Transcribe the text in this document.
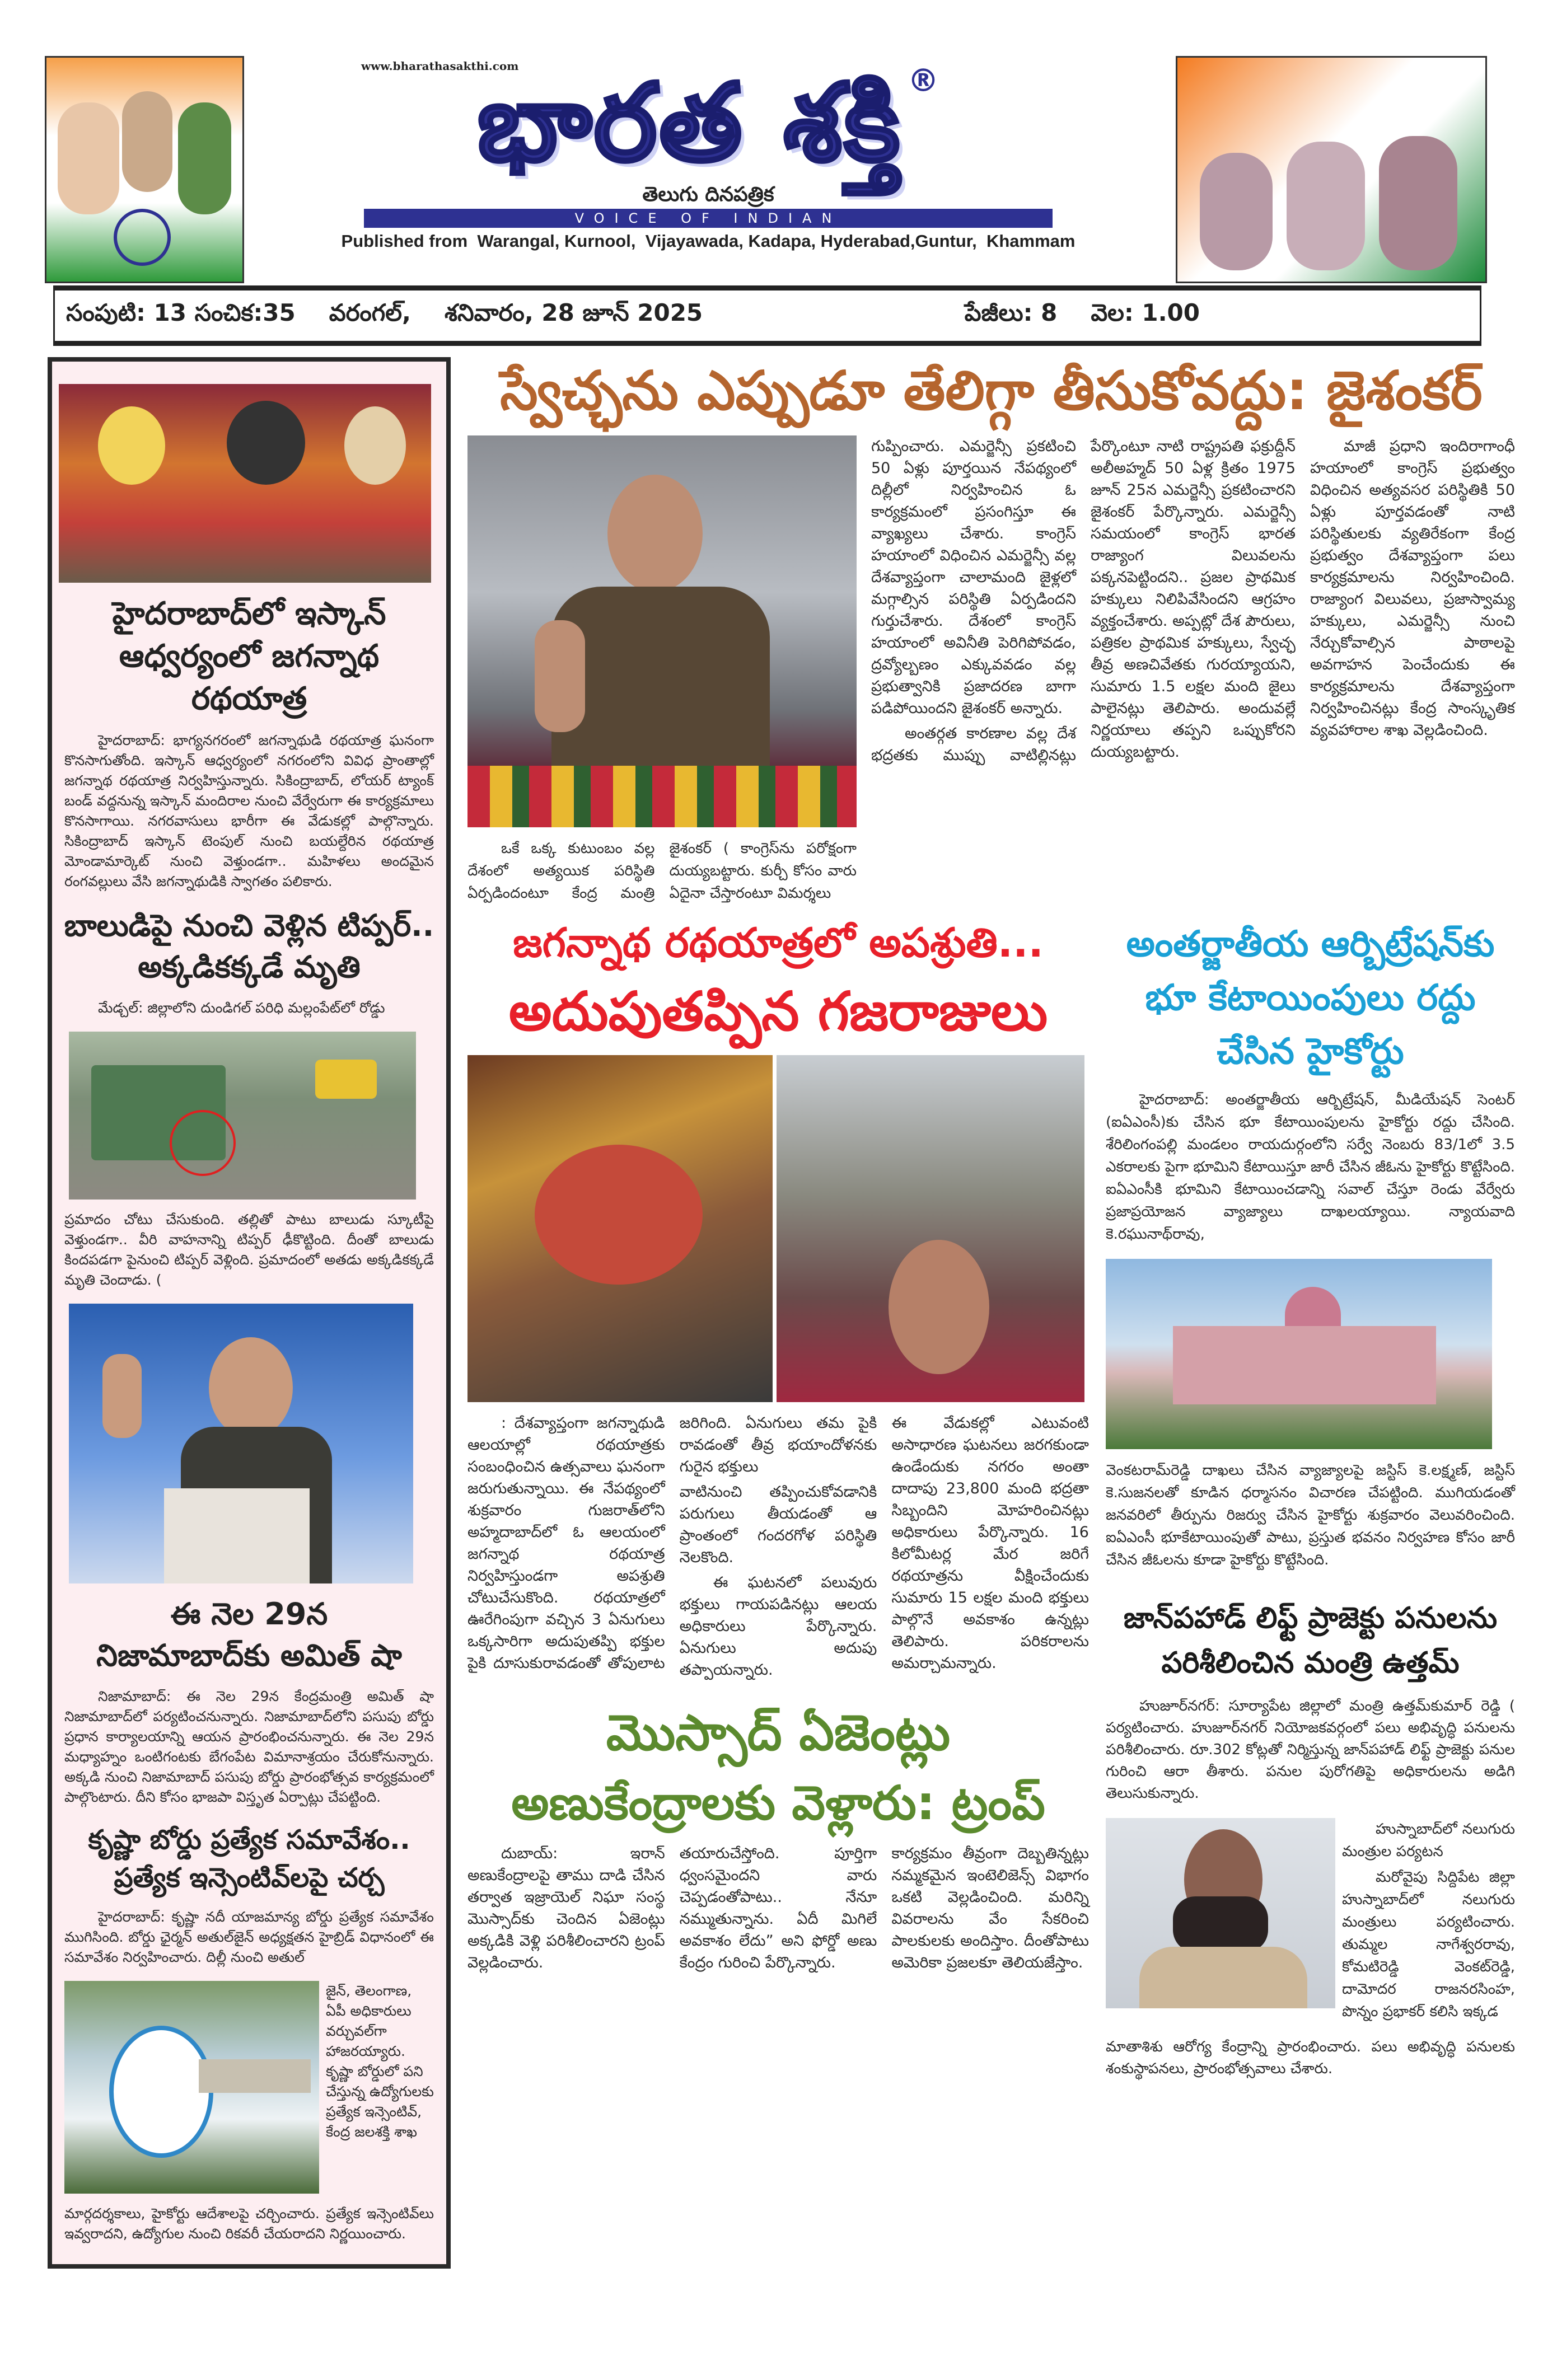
www.bharathasakthi.com
భారత శక్తి ®
తెలుగు దినపత్రిక
VOICE OF INDIAN
Published from  Warangal, Kurnool,  Vijayawada, Kadapa, Hyderabad,Guntur,  Khammam
సంపుటి: 13 సంచిక:35 వరంగల్, శనివారం, 28 జూన్ 2025	పేజీలు: 8 వెల: 1.00
హైదరాబాద్‌లో ఇస్కాన్ ఆధ్వర్యంలో జగన్నాథ రథయాత్ర

హైదరాబాద్: భాగ్యనగరంలో జగన్నాథుడి రథయాత్ర ఘనంగా కొనసాగుతోంది. ఇస్కాన్ ఆధ్వర్యంలో నగరంలోని వివిధ ప్రాంతాల్లో జగన్నాథ రథయాత్ర నిర్వహిస్తున్నారు. సికింద్రాబాద్, లోయర్ ట్యాంక్ బండ్ వద్దనున్న ఇస్కాన్ మందిరాల నుంచి వేర్వేరుగా ఈ కార్యక్రమాలు కొనసాగాయి. నగరవాసులు భారీగా ఈ వేడుకల్లో పాల్గొన్నారు. సికింద్రాబాద్ ఇస్కాన్ టెంపుల్ నుంచి బయల్దేరిన రథయాత్ర మోండామార్కెట్ నుంచి వెళ్తుండగా.. మహిళలు అందమైన రంగవల్లులు వేసి జగన్నాథుడికి స్వాగతం పలికారు.

బాలుడిపై నుంచి వెళ్లిన టిప్పర్.. అక్కడికక్కడే మృతి

మేడ్చల్: జిల్లాలోని దుండిగల్ పరిధి మల్లంపేట్‌లో రోడ్డు

ప్రమాదం చోటు చేసుకుంది. తల్లితో పాటు బాలుడు స్కూటీపై వెళ్తుండగా.. వీరి వాహనాన్ని టిప్పర్ ఢీకొట్టింది. దీంతో బాలుడు కిందపడగా పైనుంచి టిప్పర్ వెళ్లింది. ప్రమాదంలో అతడు అక్కడికక్కడే మృతి చెందాడు. (

ఈ నెల 29న నిజామాబాద్‌కు అమిత్ షా

నిజామాబాద్: ఈ నెల 29న కేంద్రమంత్రి అమిత్ షా నిజామాబాద్‌లో పర్యటించనున్నారు. నిజామాబాద్‌లోని పసుపు బోర్డు ప్రధాన కార్యాలయాన్ని ఆయన ప్రారంభించనున్నారు. ఈ నెల 29న మధ్యాహ్నం ఒంటిగంటకు బేగంపేట విమానాశ్రయం చేరుకోనున్నారు. అక్కడి నుంచి నిజామాబాద్ పసుపు బోర్డు ప్రారంభోత్సవ కార్యక్రమంలో పాల్గొంటారు. దీని కోసం భాజపా విస్తృత ఏర్పాట్లు చేపట్టింది.

కృష్ణా బోర్డు ప్రత్యేక సమావేశం.. ప్రత్యేక ఇన్సెంటివ్‌లపై చర్చ

హైదరాబాద్: కృష్ణా నదీ యాజమాన్య బోర్డు ప్రత్యేక సమావేశం ముగిసింది. బోర్డు ఛైర్మన్ అతుల్‌జైన్ అధ్యక్షతన హైబ్రిడ్ విధానంలో ఈ సమావేశం నిర్వహించారు. దిల్లీ నుంచి అతుల్

జైన్, తెలంగాణ, ఏపీ అధికారులు వర్చువల్‌గా హాజరయ్యారు. కృష్ణా బోర్డులో పని చేస్తున్న ఉద్యోగులకు ప్రత్యేక ఇన్సెంటివ్, కేంద్ర జలశక్తి శాఖ

మార్గదర్శకాలు, హైకోర్టు ఆదేశాలపై చర్చించారు. ప్రత్యేక ఇన్సెంటివ్‌లు ఇవ్వరాదని, ఉద్యోగుల నుంచి రికవరీ చేయరాదని నిర్ణయించారు.

స్వేచ్ఛను ఎప్పుడూ తేలిగ్గా తీసుకోవద్దు: జైశంకర్

ఒకే ఒక్క కుటుంబం వల్ల దేశంలో అత్యయిక పరిస్థితి ఏర్పడిందంటూ కేంద్ర మంత్రి జైశంకర్ ( కాంగ్రెస్‌ను పరోక్షంగా దుయ్యబట్టారు. కుర్చీ కోసం వారు ఏదైనా చేస్తారంటూ విమర్శలు

గుప్పించారు. ఎమర్జెన్సీ ప్రకటించి 50 ఏళ్లు పూర్తయిన నేపథ్యంలో దిల్లీలో నిర్వహించిన ఓ కార్యక్రమంలో ప్రసంగిస్తూ ఈ వ్యాఖ్యలు చేశారు. కాంగ్రెస్ హయాంలో విధించిన ఎమర్జెన్సీ వల్ల దేశవ్యాప్తంగా చాలామంది జైళ్లలో మగ్గాల్సిన పరిస్థితి ఏర్పడిందని గుర్తుచేశారు. దేశంలో కాంగ్రెస్ హయాంలో అవినీతి పెరిగిపోవడం, ద్రవ్యోల్బణం ఎక్కువవడం వల్ల ప్రభుత్వానికి ప్రజాదరణ బాగా పడిపోయిందని జైశంకర్ అన్నారు.

అంతర్గత కారణాల వల్ల దేశ భద్రతకు ముప్పు వాటిల్లినట్లు పేర్కొంటూ నాటి రాష్ట్రపతి ఫక్రుద్దీన్ అలీఅహ్మద్ 50 ఏళ్ల క్రితం 1975 జూన్ 25న ఎమర్జెన్సీ ప్రకటించారని జైశంకర్ పేర్కొన్నారు. ఎమర్జెన్సీ సమయంలో కాంగ్రెస్ భారత రాజ్యాంగ విలువలను పక్కనపెట్టిందని.. ప్రజల ప్రాథమిక హక్కులు నిలిపివేసిందని ఆగ్రహం వ్యక్తంచేశారు. అప్పట్లో దేశ పౌరులు, పత్రికల ప్రాథమిక హక్కులు, స్వేచ్ఛ తీవ్ర అణచివేతకు గురయ్యాయని, సుమారు 1.5 లక్షల మంది జైలు పాలైనట్లు తెలిపారు. అందువల్లే నిర్ణయాలు తప్పని ఒప్పుకోరని దుయ్యబట్టారు.

మాజీ ప్రధాని ఇందిరాగాంధీ హయాంలో కాంగ్రెస్ ప్రభుత్వం విధించిన అత్యవసర పరిస్థితికి 50 ఏళ్లు పూర్తవడంతో నాటి పరిస్థితులకు వ్యతిరేకంగా కేంద్ర ప్రభుత్వం దేశవ్యాప్తంగా పలు కార్యక్రమాలను నిర్వహించింది. రాజ్యాంగ విలువలు, ప్రజాస్వామ్య హక్కులు, ఎమర్జెన్సీ నుంచి నేర్చుకోవాల్సిన పాఠాలపై అవగాహన పెంచేందుకు ఈ కార్యక్రమాలను దేశవ్యాప్తంగా నిర్వహించినట్లు కేంద్ర సాంస్కృతిక వ్యవహారాల శాఖ వెల్లడించింది.

జగన్నాథ రథయాత్రలో అపశ్రుతి...
అదుపుతప్పిన గజరాజులు

: దేశవ్యాప్తంగా జగన్నాథుడి ఆలయాల్లో రథయాత్రకు సంబంధించిన ఉత్సవాలు ఘనంగా జరుగుతున్నాయి. ఈ నేపథ్యంలో శుక్రవారం గుజరాత్‌లోని అహ్మదాబాద్‌లో ఓ ఆలయంలో జగన్నాథ రథయాత్ర నిర్వహిస్తుండగా అపశ్రుతి చోటుచేసుకొంది. రథయాత్రలో ఊరేగింపుగా వచ్చిన 3 ఏనుగులు ఒక్కసారిగా అదుపుతప్పి భక్తుల పైకి దూసుకురావడంతో తోపులాట జరిగింది. ఏనుగులు తమ పైకి రావడంతో తీవ్ర భయాందోళనకు గురైన భక్తులు

వాటినుంచి తప్పించుకోవడానికి పరుగులు తీయడంతో ఆ ప్రాంతంలో గందరగోళ పరిస్థితి నెలకొంది.

ఈ ఘటనలో పలువురు భక్తులు గాయపడినట్లు ఆలయ అధికారులు పేర్కొన్నారు. ఏనుగులు అదుపు తప్పాయన్నారు.

ఈ వేడుకల్లో ఎటువంటి అసాధారణ ఘటనలు జరగకుండా ఉండేందుకు నగరం అంతా దాదాపు 23,800 మంది భద్రతా సిబ్బందిని మోహరించినట్లు అధికారులు పేర్కొన్నారు. 16 కిలోమీటర్ల మేర జరిగే రథయాత్రను వీక్షించేందుకు సుమారు 15 లక్షల మంది భక్తులు పాల్గొనే అవకాశం ఉన్నట్లు తెలిపారు. పరికరాలను అమర్చామన్నారు.

మొస్సాద్ ఏజెంట్లు
అణుకేంద్రాలకు వెళ్లారు: ట్రంప్

దుబాయ్: ఇరాన్ అణుకేంద్రాలపై తాము దాడి చేసిన తర్వాత ఇజ్రాయెల్ నిఘా సంస్థ మొస్సాద్‌కు చెందిన ఏజెంట్లు అక్కడికి వెళ్లి పరిశీలించారని ట్రంప్ వెల్లడించారు.

తయారుచేస్తోంది. పూర్తిగా ధ్వంసమైందని వారు చెప్పడంతోపాటు.. నేనూ నమ్ముతున్నాను. ఏదీ మిగిలే అవకాశం లేదు” అని ఫోర్డో అణు కేంద్రం గురించి పేర్కొన్నారు.

కార్యక్రమం తీవ్రంగా దెబ్బతిన్నట్లు నమ్మకమైన ఇంటెలిజెన్స్ విభాగం ఒకటి వెల్లడించింది. మరిన్ని వివరాలను వేం సేకరించి పాలకులకు అందిస్తాం. దీంతోపాటు అమెరికా ప్రజలకూ తెలియజేస్తాం.

అంతర్జాతీయ ఆర్బిట్రేషన్‌కు భూ కేటాయింపులు రద్దు చేసిన హైకోర్టు

హైదరాబాద్: అంతర్జాతీయ ఆర్బిట్రేషన్, మీడియేషన్ సెంటర్ (ఐఏఎంసీ)కు చేసిన భూ కేటాయింపులను హైకోర్టు రద్దు చేసింది. శేరిలింగంపల్లి మండలం రాయదుర్గంలోని సర్వే నెంబరు 83/1లో 3.5 ఎకరాలకు పైగా భూమిని కేటాయిస్తూ జారీ చేసిన జీఓను హైకోర్టు కొట్టేసింది. ఐఏఎంసీకి భూమిని కేటాయించడాన్ని సవాల్ చేస్తూ రెండు వేర్వేరు ప్రజాప్రయోజన వ్యాజ్యాలు దాఖలయ్యాయి. న్యాయవాది కె.రఘునాథ్‌రావు,

వెంకటరామ్‌రెడ్డి దాఖలు చేసిన వ్యాజ్యాలపై జస్టిస్ కె.లక్ష్మణ్, జస్టిస్ కె.సుజనలతో కూడిన ధర్మాసనం విచారణ చేపట్టింది. ముగియడంతో జనవరిలో తీర్పును రిజర్వు చేసిన హైకోర్టు శుక్రవారం వెలువరించింది. ఐఏఎంసీ భూకేటాయింపుతో పాటు, ప్రస్తుత భవనం నిర్వహణ కోసం జారీ చేసిన జీఓలను కూడా హైకోర్టు కొట్టేసింది.

జాన్‌పహాడ్ లిఫ్ట్ ప్రాజెక్టు పనులను పరిశీలించిన మంత్రి ఉత్తమ్

హుజూర్‌నగర్: సూర్యాపేట జిల్లాలో మంత్రి ఉత్తమ్‌కుమార్ రెడ్డి ( పర్యటించారు. హుజూర్‌నగర్ నియోజకవర్గంలో పలు అభివృద్ధి పనులను పరిశీలించారు. రూ.302 కోట్లతో నిర్మిస్తున్న జాన్‌పహాడ్ లిఫ్ట్ ప్రాజెక్టు పనుల గురించి ఆరా తీశారు. పనుల పురోగతిపై అధికారులను అడిగి తెలుసుకున్నారు.

హుస్నాబాద్‌లో నలుగురు మంత్రుల పర్యటన

మరోవైపు సిద్దిపేట జిల్లా హుస్నాబాద్‌లో నలుగురు మంత్రులు పర్యటించారు. తుమ్మల నాగేశ్వరరావు, కోమటిరెడ్డి వెంకట్‌రెడ్డి, దామోదర రాజనరసింహ, పొన్నం ప్రభాకర్ కలిసి ఇక్కడ

మాతాశిశు ఆరోగ్య కేంద్రాన్ని ప్రారంభించారు. పలు అభివృద్ధి పనులకు శంకుస్థాపనలు, ప్రారంభోత్సవాలు చేశారు.
